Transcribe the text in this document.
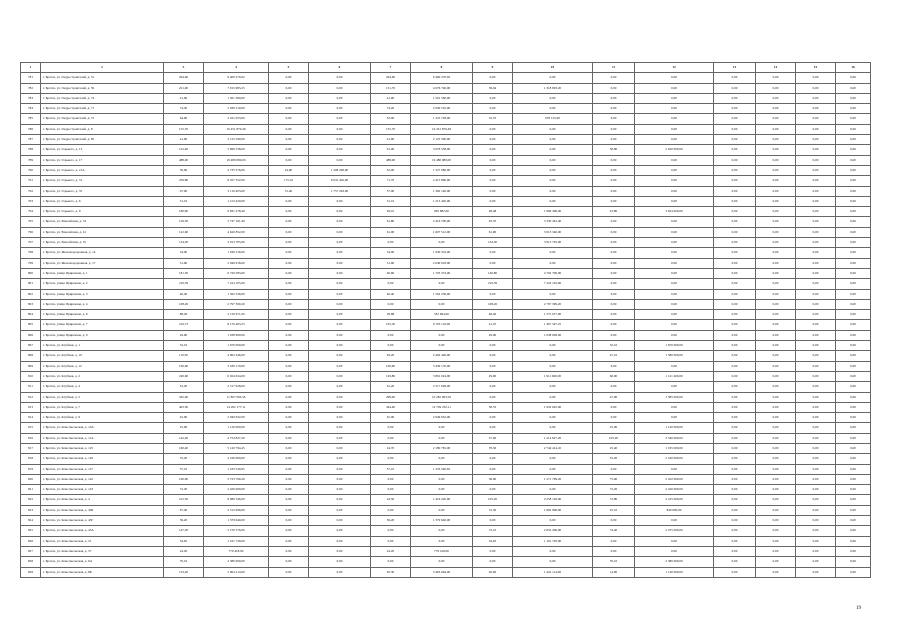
1	2	3	4	5	6	7	8	9	10	11	12	13	14	15	16
781	г. Братск, ул. Гидростроителей, д. 51	264,60	9 400 270,92	0,00	0,00	264,60	9 400 270,92	0,00	0,00	0,00	0,00	0,00	0,00	0,00	0,00
782	г. Братск, ул. Гидростроителей, д. 59	221,00	7 915 683,25	0,00	0,00	151,70	4 676 740,00	39,94	1 318 803,20	0,00	0,00	0,00	0,00	0,00	0,00
783	г. Братск, ул. Гидростроителей, д. 74	41,90	1 561 560,00	0,00	0,00	41,90	1 561 560,00	0,00	0,00	0,00	0,00	0,00	0,00	0,00	0,00
784	г. Братск, ул. Гидростроителей, д. 71	74,20	2 930 510,00	0,00	0,00	74,20	2 930 510,00	0,00	0,00	0,00	0,00	0,00	0,00	0,00	0,00
785	г. Братск, ул. Гидростроителей, д. 72	64,60	2 221 053,00	0,00	0,00	32,00	1 225 728,00	32,70	978 125,00	0,00	0,00	0,00	0,00	0,00	0,00
786	г. Братск, ул. Гидростроителей, д. 8	155,70	10 451 879,49	0,00	0,00	155,70	10 451 879,49	0,00	0,00	0,00	0,00	0,00	0,00	0,00	0,00
787	г. Братск, ул. Гидростроителей, д. 82	41,60	2 125 590,00	0,00	0,00	41,60	2 125 590,00	0,00	0,00	0,00	0,00	0,00	0,00	0,00	0,00
788	г. Братск, ул. Горького, д. 13	122,40	5 696 538,00	0,00	0,00	91,00	3 676 538,00	0,00	0,00	30,80	2 020 000,00	0,00	0,00	0,00	0,00
789	г. Братск, ул. Горького, д. 17	488,00	19 480 080,00	0,00	0,00	488,00	19 480 080,00	0,00	0,00	0,00	0,00	0,00	0,00	0,00	0,00
790	г. Братск, ул. Горького, д. 21А	56,90	2 735 376,00	24,90	1 208 296,00	32,00	1 527 080,00	0,00	0,00	0,00	0,00	0,00	0,00	0,00	0,00
791	г. Братск, ул. Горького, д. 31	256,80	8 457 352,00	175,10	6 041 492,00	71,70	2 415 860,00	0,00	0,00	0,00	0,00	0,00	0,00	0,00	0,00
792	г. Братск, ул. Горького, д. 35	97,00	3 119 403,00	51,40	1 757 263,00	37,00	1 362 140,00	0,00	0,00	0,00	0,00	0,00	0,00	0,00	0,00
793	г. Братск, ул. Горького, д. 6	31,10	1 213 420,00	0,00	0,00	31,10	1 213 420,00	0,00	0,00	0,00	0,00	0,00	0,00	0,00	0,00
794	г. Братск, ул. Горького, д. 9	180,90	6 831 278,40	0,00	0,00	29,10	995 882,00	28,48	1 966 396,40	91,80	3 654 000,00	0,00	0,00	0,00	0,00
795	г. Братск, ул. Енисейская, д. 33	159,30	5 747 161,40	0,00	0,00	61,80	2 416 700,00	93,70	3 330 461,40	0,00	0,00	0,00	0,00	0,00	0,00
796	г. Братск, ул. Енисейская, д. 41	122,60	4 620 852,00	0,00	0,00	61,90	1 607 512,00	61,90	3 013 340,00	0,00	0,00	0,00	0,00	0,00	0,00
797	г. Братск, ул. Енисейская, д. 55	134,30	3 913 705,00	0,00	0,00	0,00	0,00	134,30	3 913 705,00	0,00	0,00	0,00	0,00	0,00	0,00
798	г. Братск, ул. Железнодорожная, д. 14	34,00	1 930 316,00	0,00	0,00	34,00	1 930 316,00	0,00	0,00	0,00	0,00	0,00	0,00	0,00	0,00
799	г. Братск, ул. Железнодорожная, д. 17	31,60	2 049 618,00	0,00	0,00	31,60	2 049 618,00	0,00	0,00	0,00	0,00	0,00	0,00	0,00	0,00
800	г. Братск, улица Приречная, д. 1	181,30	6 729 583,60	0,00	0,00	40,60	1 703 374,00	140,80	4 702 790,00	0,00	0,00	0,00	0,00	0,00	0,00
801	г. Братск, улица Приречная, д. 2	216,39	7 224 105,60	0,00	0,00	0,00	0,00	216,39	7 224 105,60	0,00	0,00	0,00	0,00	0,00	0,00
802	г. Братск, улица Приречная, д. 3	40,40	1 562 236,00	0,00	0,00	40,40	1 562 236,00	0,00	0,00	0,00	0,00	0,00	0,00	0,00	0,00
803	г. Братск, улица Приречная, д. 4	108,26	2 797 399,20	0,00	0,00	0,00	0,00	108,26	2 797 399,20	0,00	0,00	0,00	0,00	0,00	0,00
804	г. Братск, улица Приречная, д. 6	88,26	2 156 671,00	0,00	0,00	29,88	581 694,00	48,40	1 575 977,00	0,00	0,00	0,00	0,00	0,00	0,00
805	г. Братск, улица Приречная, д. 7	216,73	8 170 463,25	0,00	0,00	195,30	6 703 116,00	41,25	1 467 347,25	0,00	0,00	0,00	0,00	0,00	0,00
806	г. Братск, улица Приречная, д. 9	29,90	1 038 909,00	0,00	0,00	0,00	0,00	29,90	1 038 909,00	0,00	0,00	0,00	0,00	0,00	0,00
807	г. Братск, ул. Клубная, д. 1	32,10	1 670 000,00	0,00	0,00	0,00	0,00	0,00	0,00	32,10	1 670 000,00	0,00	0,00	0,00	0,00
808	г. Братск, ул. Клубная, д. 10	110,30	4 002 446,00	0,00	0,00	63,20	2 402 446,00	0,00	0,00	47,10	1 580 000,00	0,00	0,00	0,00	0,00
809	г. Братск, ул. Клубная, д. 12	100,60	3 439 170,00	0,00	0,00	100,60	3 439 170,00	0,00	0,00	0,00	0,00	0,00	0,00	0,00	0,00
810	г. Братск, ул. Клубная, д. 2	220,60	6 924 024,00	0,00	0,00	129,80	3 891 024,00	29,90	1 911 600,00	60,90	1 121 400,00	0,00	0,00	0,00	0,00
811	г. Братск, ул. Клубная, д. 4	61,20	2 517 028,00	0,00	0,00	61,20	2 517 028,00	0,00	0,00	0,00	0,00	0,00	0,00	0,00	0,00
812	г. Братск, ул. Клубная, д. 5	345,00	11 867 063,56	0,00	0,00	298,40	10 282 063,56	0,00	0,00	47,00	1 585 000,00	0,00	0,00	0,00	0,00
813	г. Братск, ул. Клубная, д. 7	403,30	14 202 177,11	0,00	0,00	344,40	12 729 232,11	58,70	1 932 945,00	0,00	0,00	0,00	0,00	0,00	0,00
814	г. Братск, ул. Клубная, д. 9	45,00	2 949 632,00	0,00	0,00	45,00	2 949 632,00	0,00	0,00	0,00	0,00	0,00	0,00	0,00	0,00
815	г. Братск, ул. Комсомольская, д. 10А	25,00	1 120 000,00	0,00	0,00	0,00	0,00	0,00	0,00	25,00	1 120 000,00	0,00	0,00	0,00	0,00
816	г. Братск, ул. Комсомольская, д. 11А	142,20	4 754 827,20	0,00	0,00	0,00	0,00	37,00	1 214 827,20	105,20	3 540 000,00	0,00	0,00	0,00	0,00
817	г. Братск, ул. Комсомольская, д. 125	160,40	5 120 794,45	0,00	0,00	24,70	2 180 765,00	78,30	2 744 414,45	25,40	1 195 000,00	0,00	0,00	0,00	0,00
818	г. Братск, ул. Комсомольская, д. 126	55,20	2 160 000,00	0,00	0,00	0,00	0,00	0,00	0,00	55,20	2 160 000,00	0,00	0,00	0,00	0,00
819	г. Братск, ул. Комсомольская, д. 127	37,10	1 233 540,65	0,00	0,00	37,10	1 233 540,65	0,00	0,00	0,00	0,00	0,00	0,00	0,00	0,00
820	г. Братск, ул. Комсомольская, д. 142	100,00	3 723 799,20	0,00	0,00	0,00	0,00	36,00	1 271 799,20	75,60	2 452 000,00	0,00	0,00	0,00	0,00
821	г. Братск, ул. Комсомольская, д. 143	72,20	2 420 000,00	0,00	0,00	0,00	0,00	0,00	0,00	72,20	2 420 000,00	0,00	0,00	0,00	0,00
822	г. Братск, ул. Комсомольская, д. 4	212,50	8 089 346,00	0,00	0,00	24,50	1 416 220,00	105,20	4 258 126,00	72,80	2 415 000,00	0,00	0,00	0,00	0,00
823	г. Братск, ул. Комсомольская, д. 43Б	97,40	2 512 996,00	0,00	0,00	0,00	0,00	72,30	1 692 996,00	25,10	840 000,00	0,00	0,00	0,00	0,00
824	г. Братск, ул. Комсомольская, д. 43Г	39,20	1 379 640,00	0,00	0,00	39,20	1 379 640,00	0,00	0,00	0,00	0,00	0,00	0,00	0,00	0,00
825	г. Братск, ул. Комсомольская, д. 45А	147,30	5 150 576,00	0,00	0,00	0,00	0,00	72,10	2 653 296,00	74,40	2 475 000,00	0,00	0,00	0,00	0,00
826	г. Братск, ул. Комсомольская, д. 51	34,65	1 161 720,00	0,00	0,00	0,00	0,00	34,65	1 161 720,00	0,00	0,00	0,00	0,00	0,00	0,00
827	г. Братск, ул. Комсомольская, д. 57	24,20	779 418,00	0,00	0,00	24,20	779 418,00	0,00	0,00	0,00	0,00	0,00	0,00	0,00	0,00
828	г. Братск, ул. Комсомольская, д. 6А	70,10	2 380 000,00	0,00	0,00	0,00	0,00	0,00	0,00	70,10	2 380 000,00	0,00	0,00	0,00	0,00
829	г. Братск, ул. Комсомольская, д. 8Б	133,20	5 004 214,00	0,00	0,00	92,30	3 463 664,00	26,00	1 422 114,00	14,90	1 140 000,00	0,00	0,00	0,00	0,00
19
